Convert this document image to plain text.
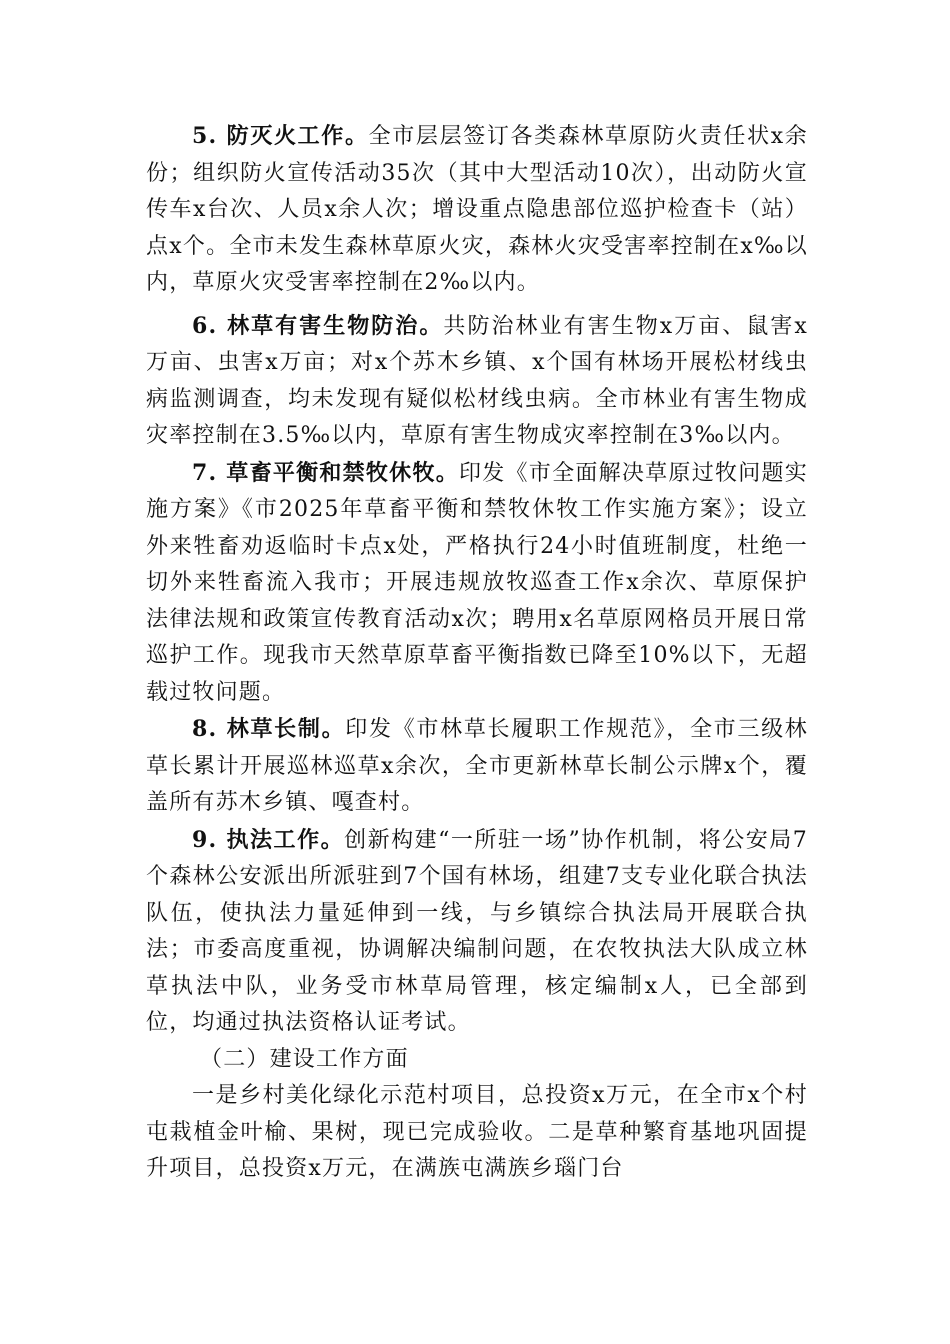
5. 防灭火工作。全市层层签订各类森林草原防火责任状x余份；组织防火宣传活动35次（其中大型活动10次），出动防火宣传车x台次、人员x余人次；增设重点隐患部位巡护检查卡（站）点x个。全市未发生森林草原火灾，森林火灾受害率控制在x‰以内，草原火灾受害率控制在2‰以内。

6. 林草有害生物防治。共防治林业有害生物x万亩、鼠害x万亩、虫害x万亩；对x个苏木乡镇、x个国有林场开展松材线虫病监测调查，均未发现有疑似松材线虫病。全市林业有害生物成灾率控制在3.5‰以内，草原有害生物成灾率控制在3‰以内。

7. 草畜平衡和禁牧休牧。印发《市全面解决草原过牧问题实施方案》《市2025年草畜平衡和禁牧休牧工作实施方案》；设立外来牲畜劝返临时卡点x处，严格执行24小时值班制度，杜绝一切外来牲畜流入我市；开展违规放牧巡查工作x余次、草原保护法律法规和政策宣传教育活动x次；聘用x名草原网格员开展日常巡护工作。现我市天然草原草畜平衡指数已降至10%以下，无超载过牧问题。

8. 林草长制。印发《市林草长履职工作规范》，全市三级林草长累计开展巡林巡草x余次，全市更新林草长制公示牌x个，覆盖所有苏木乡镇、嘎查村。

9. 执法工作。创新构建“一所驻一场”协作机制，将公安局7个森林公安派出所派驻到7个国有林场，组建7支专业化联合执法队伍，使执法力量延伸到一线，与乡镇综合执法局开展联合执法；市委高度重视，协调解决编制问题，在农牧执法大队成立林草执法中队，业务受市林草局管理，核定编制x人，已全部到位，均通过执法资格认证考试。

（二）建设工作方面

一是乡村美化绿化示范村项目，总投资x万元，在全市x个村屯栽植金叶榆、果树，现已完成验收。二是草种繁育基地巩固提升项目，总投资x万元，在满族屯满族乡瑙门台
